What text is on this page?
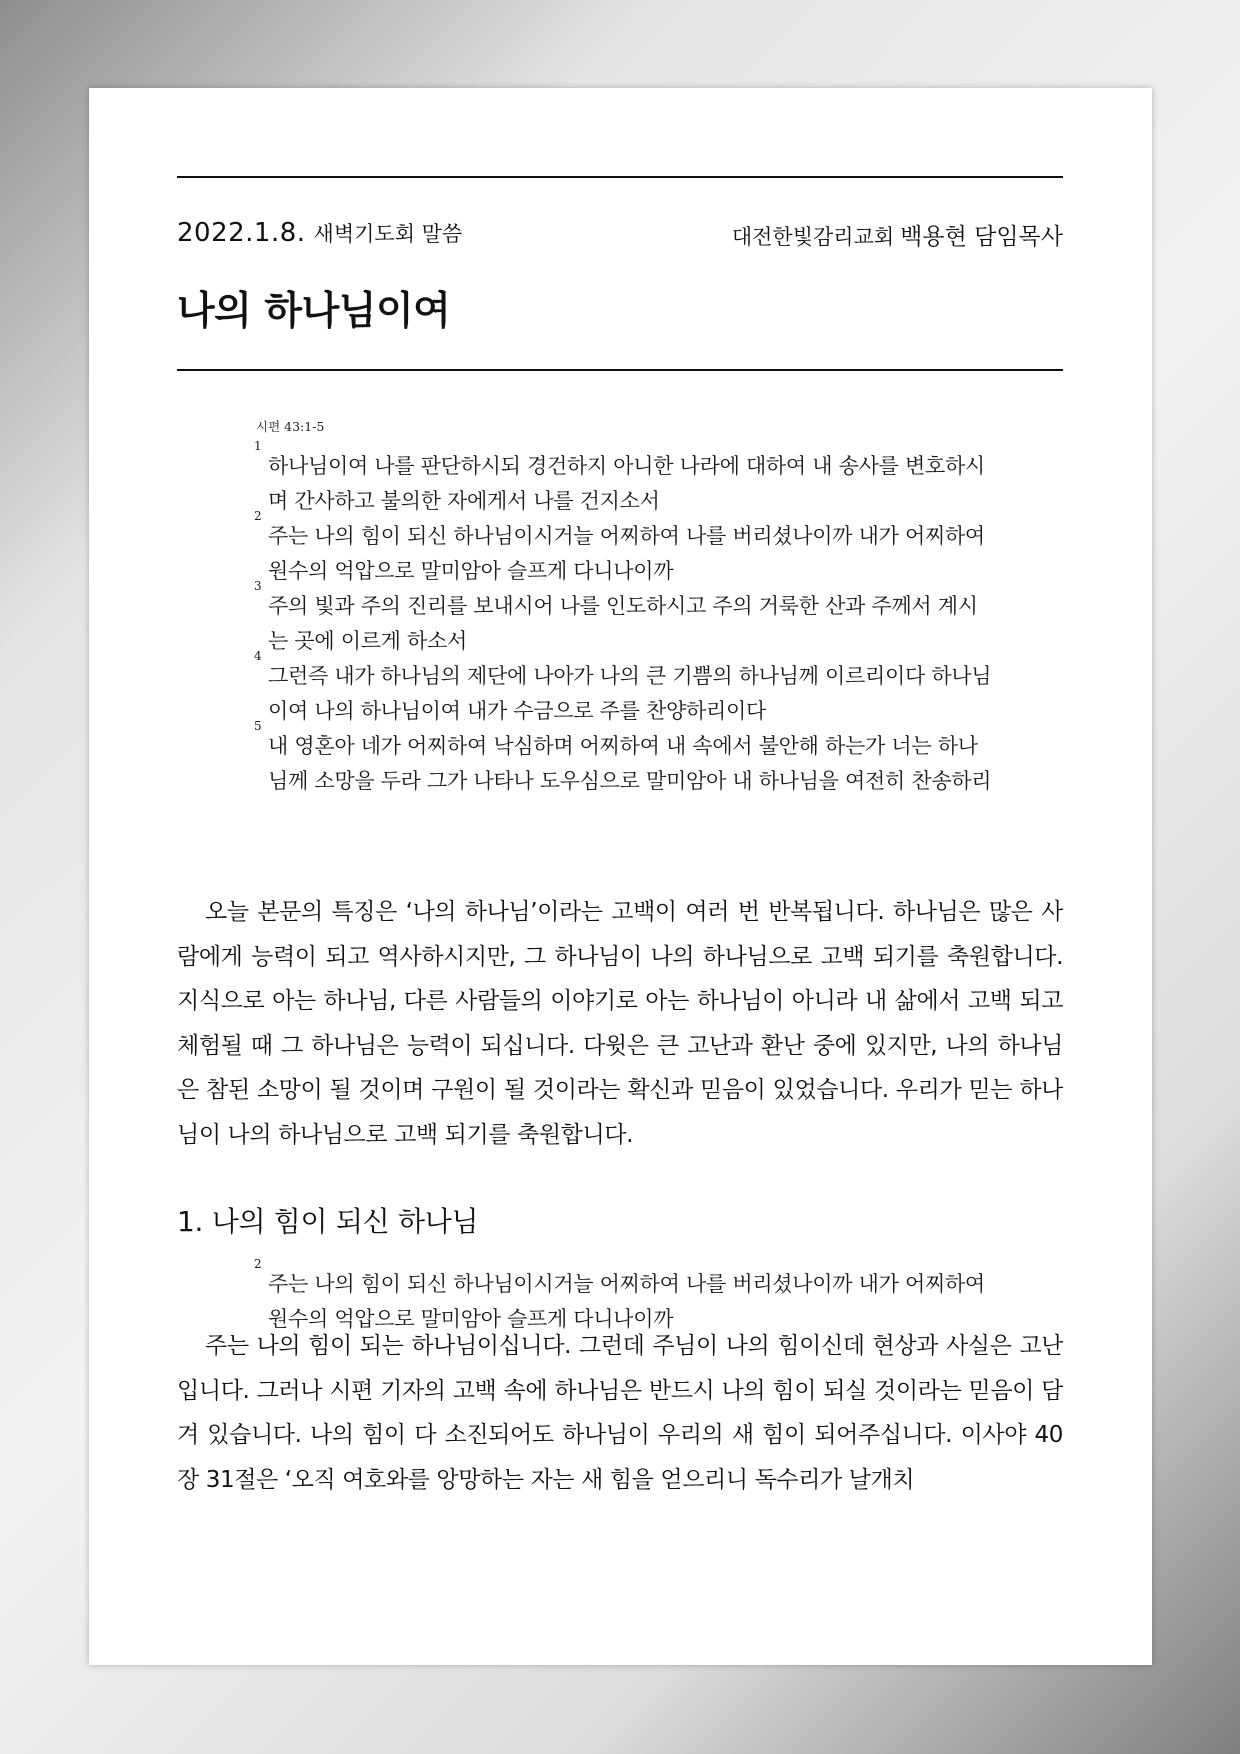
2022.1.8. 새벽기도회 말씀	대전한빛감리교회 백용현 담임목사
나의 하나님이여
시편 43:1-5
1
하나님이여 나를 판단하시되 경건하지 아니한 나라에 대하여 내 송사를 변호하시며 간사하고 불의한 자에게서 나를 건지소서
2
주는 나의 힘이 되신 하나님이시거늘 어찌하여 나를 버리셨나이까 내가 어찌하여 원수의 억압으로 말미암아 슬프게 다니나이까
3
주의 빛과 주의 진리를 보내시어 나를 인도하시고 주의 거룩한 산과 주께서 계시는 곳에 이르게 하소서
4
그런즉 내가 하나님의 제단에 나아가 나의 큰 기쁨의 하나님께 이르리이다 하나님이여 나의 하나님이여 내가 수금으로 주를 찬양하리이다
5
내 영혼아 네가 어찌하여 낙심하며 어찌하여 내 속에서 불안해 하는가 너는 하나님께 소망을 두라 그가 나타나 도우심으로 말미암아 내 하나님을 여전히 찬송하리

오늘 본문의 특징은 ‘나의 하나님’이라는 고백이 여러 번 반복됩니다. 하나님은 많은 사람에게 능력이 되고 역사하시지만, 그 하나님이 나의 하나님으로 고백 되기를 축원합니다. 지식으로 아는 하나님, 다른 사람들의 이야기로 아는 하나님이 아니라 내 삶에서 고백 되고 체험될 때 그 하나님은 능력이 되십니다. 다윗은 큰 고난과 환난 중에 있지만, 나의 하나님은 참된 소망이 될 것이며 구원이 될 것이라는 확신과 믿음이 있었습니다. 우리가 믿는 하나님이 나의 하나님으로 고백 되기를 축원합니다.

1. 나의 힘이 되신 하나님
2
주는 나의 힘이 되신 하나님이시거늘 어찌하여 나를 버리셨나이까 내가 어찌하여 원수의 억압으로 말미암아 슬프게 다니나이까

주는 나의 힘이 되는 하나님이십니다. 그런데 주님이 나의 힘이신데 현상과 사실은 고난입니다. 그러나 시편 기자의 고백 속에 하나님은 반드시 나의 힘이 되실 것이라는 믿음이 담겨 있습니다. 나의 힘이 다 소진되어도 하나님이 우리의 새 힘이 되어주십니다. 이사야 40장 31절은 ‘오직 여호와를 앙망하는 자는 새 힘을 얻으리니 독수리가 날개치
